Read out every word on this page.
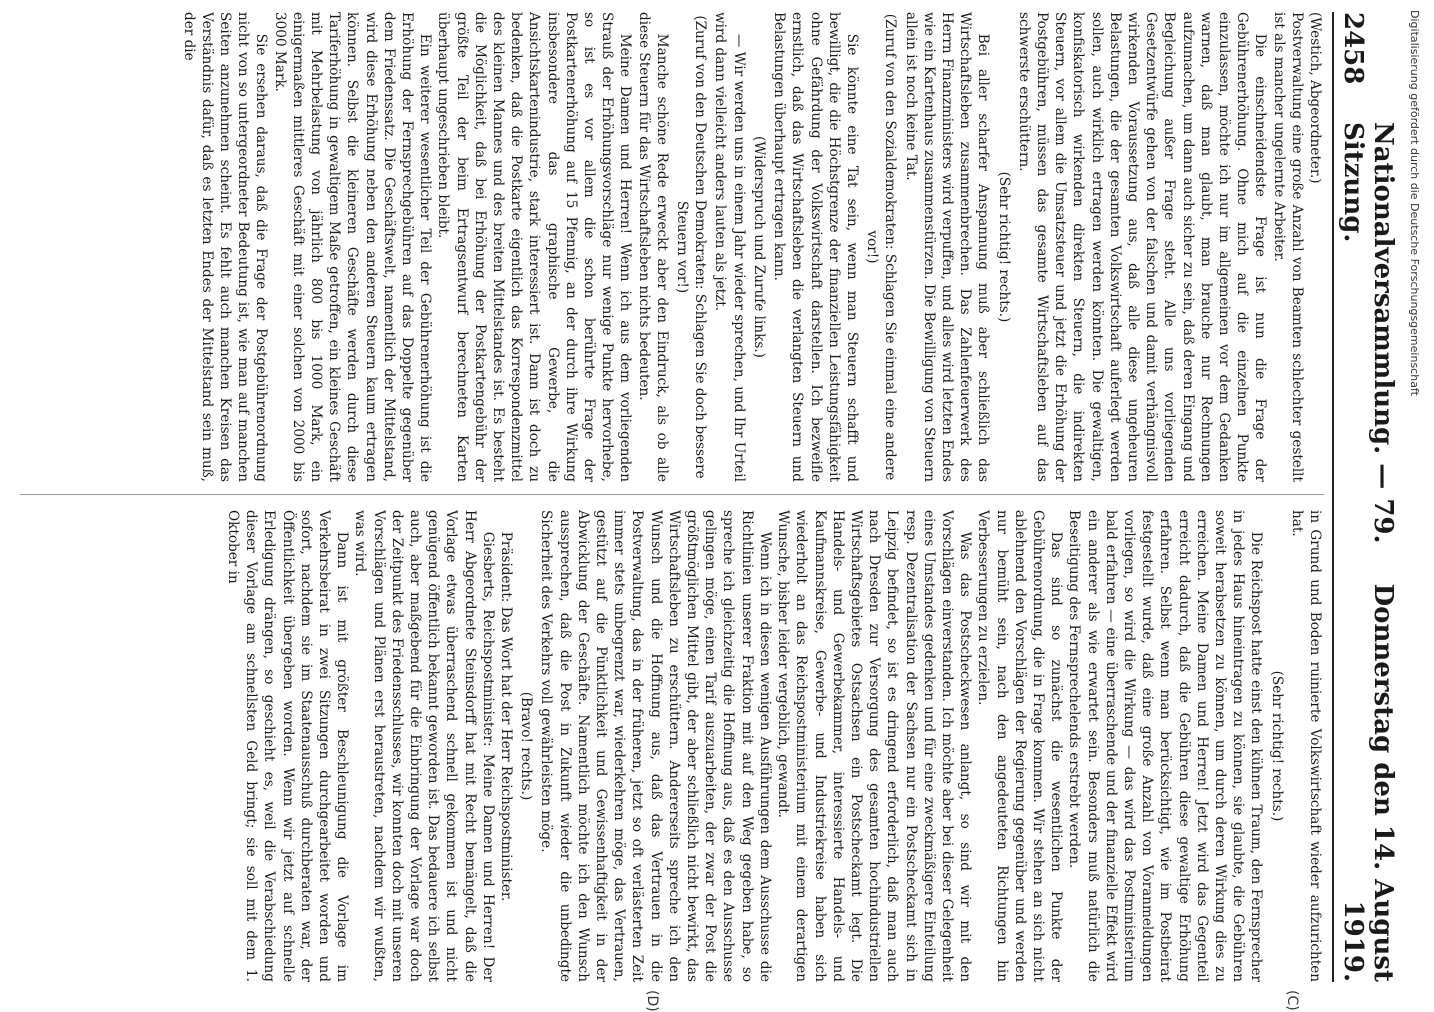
2458
Nationalversammlung. — 79. Sitzung.
Donnerstag den 14. August 1919.
(C)
(D)

(Westich, Abgeordneter.)

Postverwaltung eine große Anzahl von Beamten schlechter gestellt ist als mancher ungelernte Arbeiter.

Die einschneidendste Frage ist nun die Frage der Gebührenerhöhung. Ohne mich auf die einzelnen Punkte einzulassen, möchte ich nur im allgemeinen vor dem Gedanken warnen, daß man glaubt, man brauche nur Rechnungen aufzumachen, um dann auch sicher zu sein, daß deren Eingang und Begleichung außer Frage steht. Alle uns vorliegenden Gesetzentwürfe gehen von der falschen und damit verhängnisvoll wirkenden Voraussetzung aus, daß alle diese ungeheuren Belastungen, die der gesamten Volkswirtschaft auferlegt werden sollen, auch wirklich ertragen werden könnten. Die gewaltigen, konfiskatorisch wirkenden direkten Steuern, die indirekten Steuern, vor allem die Umsatzsteuer und jetzt die Erhöhung der Postgebühren, müssen das gesamte Wirtschaftsleben auf das schwerste erschüttern.

(Sehr richtig! rechts.)

Bei aller scharfer Anspannung muß aber schließlich das Wirtschaftsleben zusammenbrechen. Das Zahlenfeuerwerk des Herrn Finanzministers wird verpuffen, und alles wird letzten Endes wie ein Kartenhaus zusammenstürzen. Die Bewilligung von Steuern allein ist noch keine Tat.

(Zuruf von den Sozialdemokraten: Schlagen Sie einmal eine andere vor!)

Sie könnte eine Tat sein, wenn man Steuern schafft und bewilligt, die die Höchstgrenze der finanziellen Leistungsfähigkeit ohne Gefährdung der Volkswirtschaft darstellen. Ich bezweifle ernstlich, daß das Wirtschaftsleben die verlangten Steuern und Belastungen überhaupt ertragen kann.

(Widerspruch und Zurufe links.)

— Wir werden uns in einem Jahr wieder sprechen, und Ihr Urteil wird dann vielleicht anders lauten als jetzt.

(Zuruf von den Deutschen Demokraten: Schlagen Sie doch bessere Steuern vor!)

Manche schöne Rede erweckt aber den Eindruck, als ob alle diese Steuern für das Wirtschaftsleben nichts bedeuten.

Meine Damen und Herren! Wenn ich aus dem vorliegenden Strauß der Erhöhungsvorschläge nur wenige Punkte hervorhebe, so ist es vor allem die schon berührte Frage der Postkartenerhöhung auf 15 Pfennig, an der durch ihre Wirkung insbesondere das graphische Gewerbe, die Ansichtskartenindustrie, stark interessiert ist. Dann ist doch zu bedenken, daß die Postkarte eigentlich das Korrespondenzmittel des kleinen Mannes und des breiten Mittelstandes ist. Es besteht die Möglichkeit, daß bei Erhöhung der Postkartengebühr der größte Teil der beim Ertragsentwurf berechneten Karten überhaupt ungeschrieben bleibt.

Ein weiterer wesentlicher Teil der Gebührenerhöhung ist die Erhöhung der Fernsprechgebühren auf das Doppelte gegenüber dem Friedenssatz. Die Geschäftswelt, namentlich der Mittelstand, wird diese Erhöhung neben den anderen Steuern kaum ertragen können. Selbst die kleineren Geschäfte werden durch diese Tariferhöhung in gewaltigem Maße getroffen, ein kleines Geschäft mit Mehrbelastung von jährlich 800 bis 1000 Mark, ein einigermaßen mittleres Geschäft mit einer solchen von 2000 bis 3000 Mark.

Sie ersehen daraus, daß die Frage der Postgebührenordnung nicht von so untergeordneter Bedeutung ist, wie man auf manchen Seiten anzunehmen scheint. Es fehlt auch manchen Kreisen das Verständnis dafür, daß es letzten Endes der Mittelstand sein muß, der die

in Grund und Boden ruinierte Volkswirtschaft wieder aufzurichten hat.

(Sehr richtig! rechts.)

Die Reichspost hatte einst den kühnen Traum, den Fernsprecher in jedes Haus hineintragen zu können, sie glaubte, die Gebühren soweit herabsetzen zu können, um durch deren Wirkung dies zu erreichen. Meine Damen und Herren! Jetzt wird das Gegenteil erreicht dadurch, daß die Gebühren diese gewaltige Erhöhung erfahren. Selbst wenn man berücksichtigt, wie im Postbeirat festgestellt wurde, daß eine große Anzahl von Voranmeldungen vorliegen, so wird die Wirkung — das wird das Postministerium bald erfahren — eine überraschende und der finanzielle Effekt wird ein anderer als wie erwartet sein. Besonders muß natürlich die Beseitigung des Fernsprechelends erstrebt werden.

Das sind so zunächst die wesentlichen Punkte der Gebührenordnung, die in Frage kommen. Wir stehen an sich nicht ablehnend den Vorschlägen der Regierung gegenüber und werden nur bemüht sein, nach den angedeuteten Richtungen hin Verbesserungen zu erzielen.

Was das Postscheckwesen anlangt, so sind wir mit den Vorschlägen einverstanden. Ich möchte aber bei dieser Gelegenheit eines Umstandes gedenken und für eine zweckmäßigere Einteilung resp. Dezentralisation der Sachsen nur ein Postscheckamt sich in Leipzig befindet, so ist es dringend erforderlich, daß man auch nach Dresden zur Versorgung des gesamten hochindustriellen Wirtschaftsgebietes Ostsachsen ein Postscheckamt legt. Die Handels- und Gewerbekammer, interessierte Handels- und Kaufmannskreise, Gewerbe- und Industriekreise haben sich wiederholt an das Reichspostministerium mit einem derartigen Wunsche, bisher leider vergeblich, gewandt.

Wenn ich in diesen wenigen Ausführungen dem Ausschusse die Richtlinien unserer Fraktion mit auf den Weg gegeben habe, so spreche ich gleichzeitig die Hoffnung aus, daß es den Ausschusse gelingen möge, einen Tarif auszuarbeiten, der zwar der Post die größtmöglichen Mittel gibt, der aber schließlich nicht bewirkt, das Wirtschaftsleben zu erschüttern. Andererseits spreche ich den Wunsch und die Hoffnung aus, daß das Vertrauen in die Postverwaltung, das in der früheren, jetzt so oft verlästerten Zeit immer stets unbegrenzt war, wiederkehren möge, das Vertrauen, gestützt auf die Pünktlichkeit und Gewissenhaftigkeit in der Abwicklung der Geschäfte. Namentlich möchte ich den Wunsch aussprechen, daß die Post in Zukunft wieder die unbedingte Sicherheit des Verkehrs voll gewährleisten möge.

(Bravo! rechts.)

Präsident: Das Wort hat der Herr Reichspostminister.

Giesberts, Reichspostminister: Meine Damen und Herren! Der Herr Abgeordnete Steinsdorff hat mit Recht bemängelt, daß die Vorlage etwas überraschend schnell gekommen ist und nicht genügend öffentlich bekannt geworden ist. Das bedauere ich selbst auch, aber maßgebend für die Einbringung der Vorlage war doch der Zeitpunkt des Friedensschlusses, wir konnten doch mit unseren Vorschlägen und Plänen erst heraustreten, nachdem wir wußten, was wird.

Dann ist mit größter Beschleunigung die Vorlage im Verkehrsbeirat in zwei Sitzungen durchgearbeitet worden und sofort, nachdem sie im Staatenausschuß durchberaten war, der Öffentlichkeit übergeben worden. Wenn wir jetzt auf schnelle Erledigung drängen, so geschieht es, weil die Verabschiedung dieser Vorlage am schnellsten Geld bringt; sie soll mit dem 1. Oktober in

Digitalisierung gefördert durch die Deutsche Forschungsgemeinschaft
